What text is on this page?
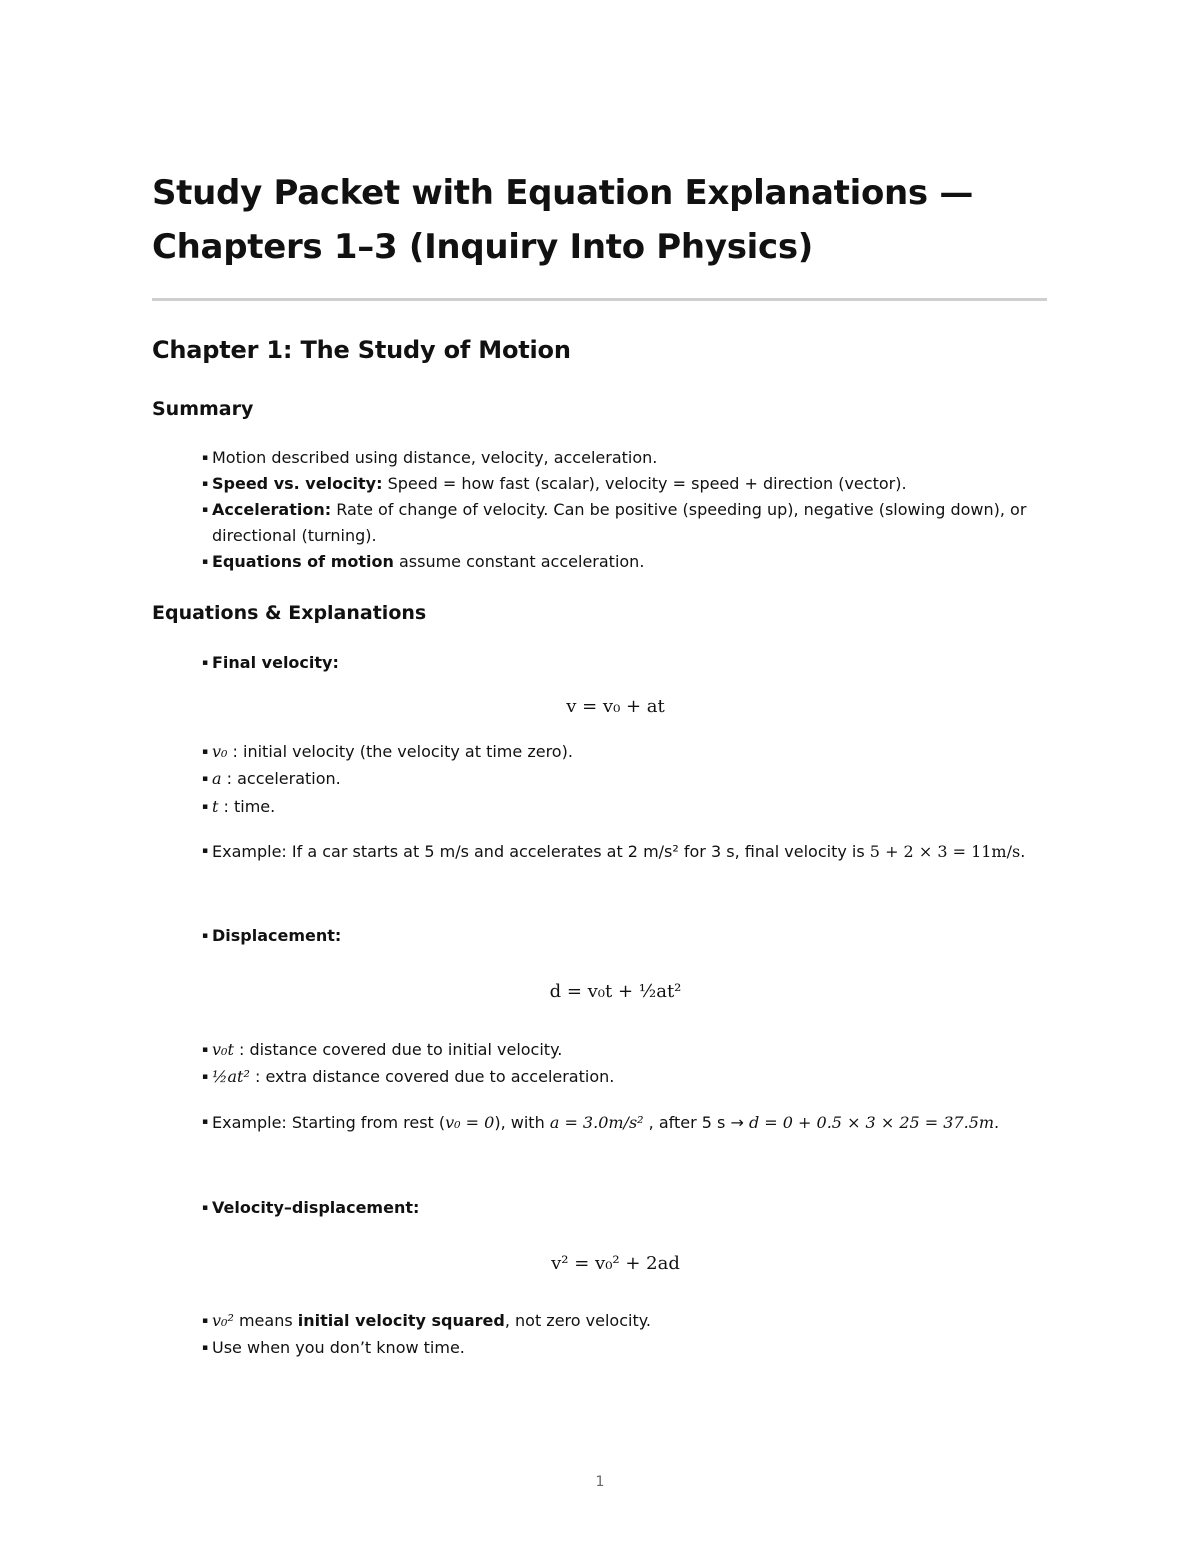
Study Packet with Equation Explanations — Chapters 1–3 (Inquiry Into Physics)
Chapter 1: The Study of Motion
Summary
▪ Motion described using distance, velocity, acceleration.
▪ Speed vs. velocity: Speed = how fast (scalar), velocity = speed + direction (vector).
▪ Acceleration: Rate of change of velocity. Can be positive (speeding up), negative (slowing down), or directional (turning).
▪ Equations of motion assume constant acceleration.
Equations & Explanations
▪ Final velocity:
v = v₀ + at
▪ v₀ : initial velocity (the velocity at time zero).
▪ a : acceleration.
▪ t : time.
▪ Example: If a car starts at 5 m/s and accelerates at 2 m/s² for 3 s, final velocity is 5 + 2 × 3 = 11m/s.
▪ Displacement:
d = v₀t + ½at²
▪ v₀t : distance covered due to initial velocity.
▪ ½at² : extra distance covered due to acceleration.
▪ Example: Starting from rest (v₀ = 0), with a = 3.0m/s² , after 5 s → d = 0 + 0.5 × 3 × 25 = 37.5m.
▪ Velocity–displacement:
v² = v₀² + 2ad
▪ v₀² means initial velocity squared, not zero velocity.
▪ Use when you don’t know time.
1
